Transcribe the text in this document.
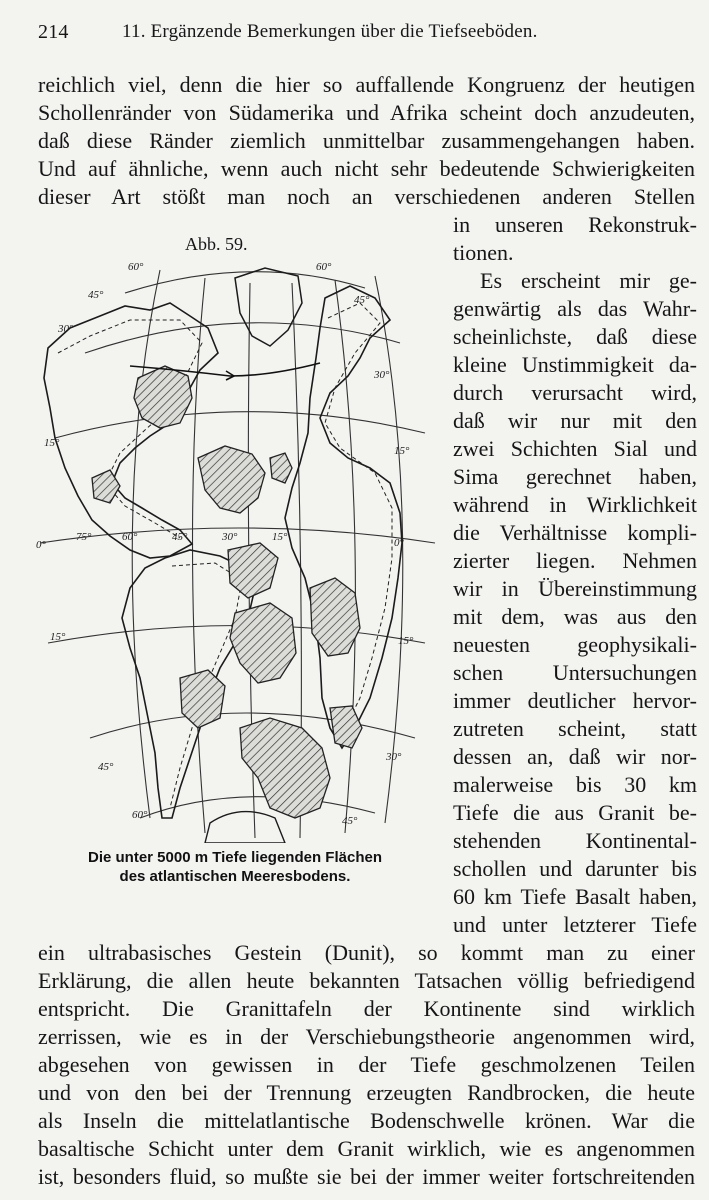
214	11. Ergänzende Bemerkungen über die Tiefseeböden.
reichlich viel, denn die hier so auffallende Kongruenz der heutigen
Schollenränder von Südamerika und Afrika scheint doch anzudeuten,
daß diese Ränder ziemlich unmittelbar zusammengehangen haben.
Und auf ähnliche, wenn auch nicht sehr bedeutende Schwierigkeiten
dieser Art stößt man noch an verschiedenen anderen Stellen
in unseren Rekonstruk-
tionen.
Es erscheint mir ge-
genwärtig als das Wahr-
scheinlichste, daß diese
kleine Unstimmigkeit da-
durch verursacht wird,
daß wir nur mit den
zwei Schichten Sial und
Sima gerechnet haben,
während in Wirklichkeit
die Verhältnisse kompli-
zierter liegen. Nehmen
wir in Übereinstimmung
mit dem, was aus den
neuesten geophysikali-
schen Untersuchungen
immer deutlicher hervor-
zutreten scheint, statt
dessen an, daß wir nor-
malerweise bis 30 km
Tiefe die aus Granit be-
stehenden Kontinental-
schollen und darunter bis
60 km Tiefe Basalt haben,
und unter letzterer Tiefe
ein ultrabasisches Gestein (Dunit), so kommt man zu einer
Erklärung, die allen heute bekannten Tatsachen völlig befriedigend
entspricht. Die Granittafeln der Kontinente sind wirklich
zerrissen, wie es in der Verschiebungstheorie angenommen wird,
abgesehen von gewissen in der Tiefe geschmolzenen Teilen
und von den bei der Trennung erzeugten Randbrocken, die heute
als Inseln die mittelatlantische Bodenschwelle krönen. War die
basaltische Schicht unter dem Granit wirklich, wie es angenommen
ist, besonders fluid, so mußte sie bei der immer weiter fortschreitenden
Abb. 59.
60°	60°
45°	45°
30°
30°
15°
15°
0°
75°	60°	45°	30°	15°	0°
15°	15°
30°
45°
60°	45°
Die unter 5000 m Tiefe liegenden Flächen
des atlantischen Meeresbodens.
